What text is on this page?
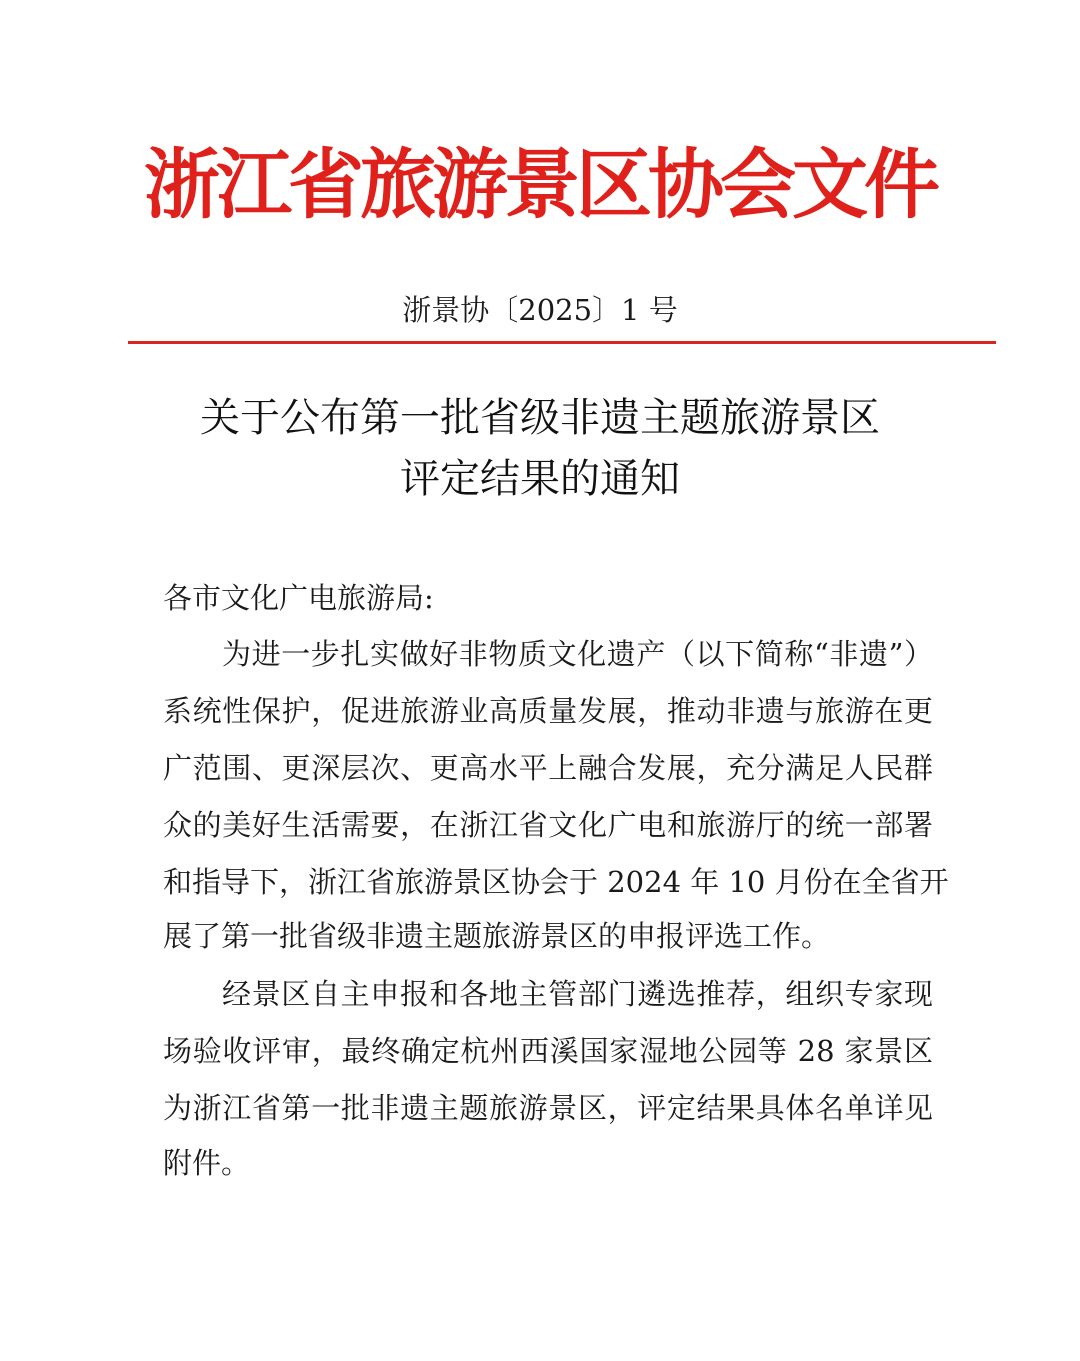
浙江省旅游景区协会文件
浙景协〔2025〕1 号
关于公布第一批省级非遗主题旅游景区
评定结果的通知
各市文化广电旅游局:
为进一步扎实做好非物质文化遗产（以下简称“非遗”）
系统性保护，促进旅游业高质量发展，推动非遗与旅游在更
广范围、更深层次、更高水平上融合发展，充分满足人民群
众的美好生活需要，在浙江省文化广电和旅游厅的统一部署
和指导下，浙江省旅游景区协会于 2024 年 10 月份在全省开
展了第一批省级非遗主题旅游景区的申报评选工作。
经景区自主申报和各地主管部门遴选推荐，组织专家现
场验收评审，最终确定杭州西溪国家湿地公园等 28 家景区
为浙江省第一批非遗主题旅游景区，评定结果具体名单详见
附件。
